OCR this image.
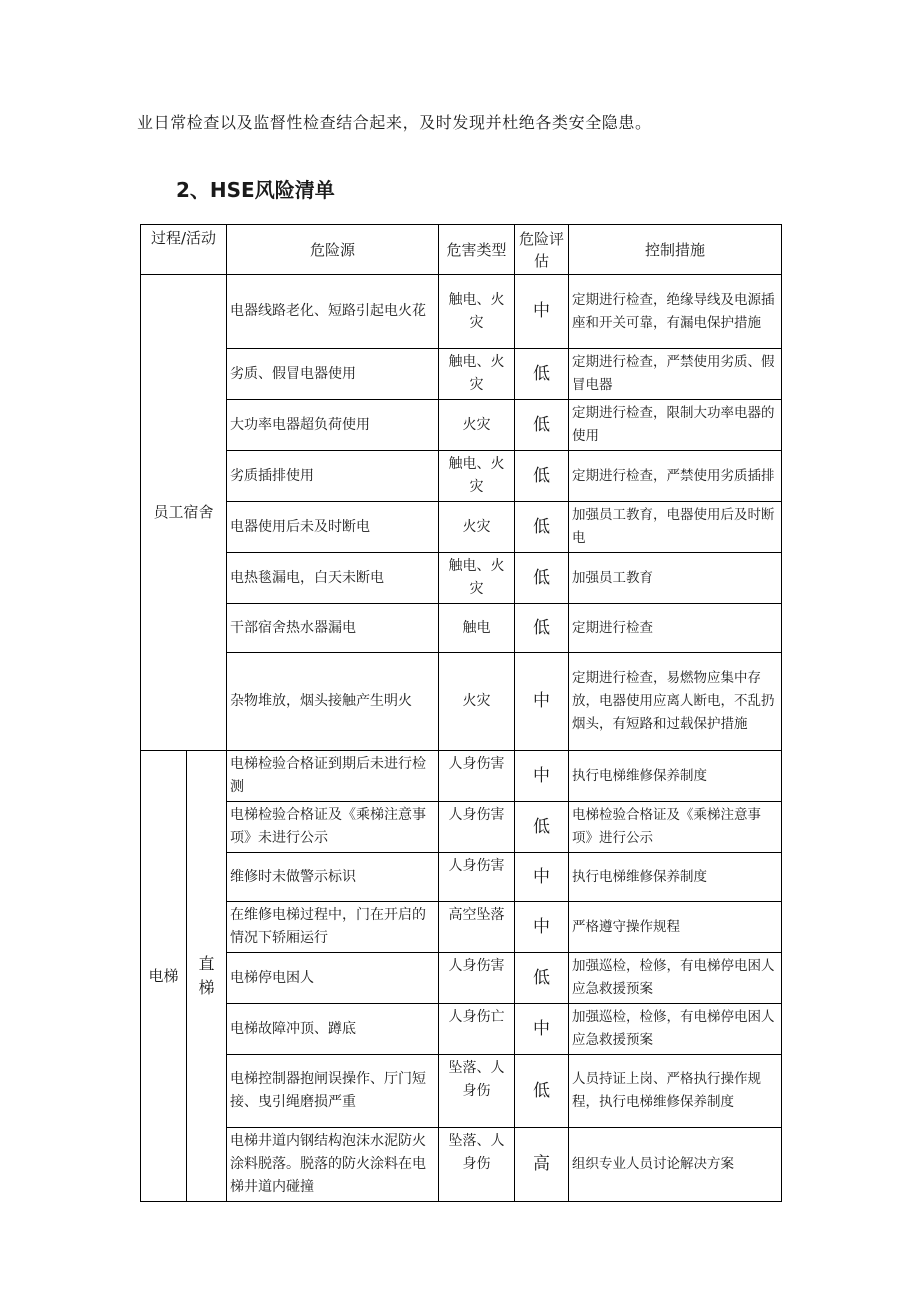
业日常检查以及监督性检查结合起来，及时发现并杜绝各类安全隐患。
2、HSE风险清单
过程/活动		危险源	危害类型	危险评估	控制措施
员工宿舍		电器线路老化、短路引起电火花	触电、火灾	中	定期进行检查，绝缘导线及电源插座和开关可靠，有漏电保护措施
		劣质、假冒电器使用	触电、火灾	低	定期进行检查，严禁使用劣质、假冒电器
		大功率电器超负荷使用	火灾	低	定期进行检查，限制大功率电器的使用
		劣质插排使用	触电、火灾	低	定期进行检查，严禁使用劣质插排
		电器使用后未及时断电	火灾	低	加强员工教育，电器使用后及时断电
		电热毯漏电，白天未断电	触电、火灾	低	加强员工教育
		干部宿舍热水器漏电	触电	低	定期进行检查
		杂物堆放，烟头接触产生明火	火灾	中	定期进行检查，易燃物应集中存放，电器使用应离人断电，不乱扔烟头，有短路和过载保护措施
电梯	直梯	电梯检验合格证到期后未进行检测	人身伤害	中	执行电梯维修保养制度
		电梯检验合格证及《乘梯注意事项》未进行公示	人身伤害	低	电梯检验合格证及《乘梯注意事项》进行公示
		维修时未做警示标识	人身伤害	中	执行电梯维修保养制度
		在维修电梯过程中，门在开启的情况下轿厢运行	高空坠落	中	严格遵守操作规程
		电梯停电困人	人身伤害	低	加强巡检，检修，有电梯停电困人应急救援预案
		电梯故障冲顶、蹲底	人身伤亡	中	加强巡检，检修，有电梯停电困人应急救援预案
		电梯控制器抱闸误操作、厅门短接、曳引绳磨损严重	坠落、人身伤	低	人员持证上岗、严格执行操作规程，执行电梯维修保养制度
		电梯井道内钢结构泡沫水泥防火涂料脱落。脱落的防火涂料在电梯井道内碰撞	坠落、人身伤	高	组织专业人员讨论解决方案
